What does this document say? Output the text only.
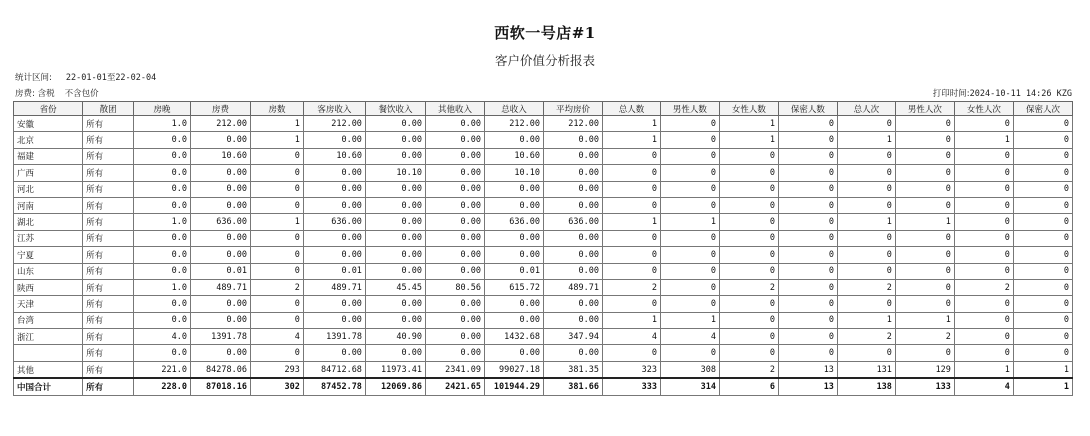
西软一号店#1
客户价值分析报表
统计区间: 22-01-01至22-02-04
房费: 含税 不含包价	打印时间:2024-10-11 14:26 KZG
省份	散团	房晚	房费	房数	客房收入	餐饮收入	其他收入	总收入	平均房价	总人数	男性人数	女性人数	保密人数	总人次	男性人次	女性人次	保密人次
安徽	所有	1.0	212.00	1	212.00	0.00	0.00	212.00	212.00	1	0	1	0	0	0	0	0
北京	所有	0.0	0.00	1	0.00	0.00	0.00	0.00	0.00	1	0	1	0	1	0	1	0
福建	所有	0.0	10.60	0	10.60	0.00	0.00	10.60	0.00	0	0	0	0	0	0	0	0
广西	所有	0.0	0.00	0	0.00	10.10	0.00	10.10	0.00	0	0	0	0	0	0	0	0
河北	所有	0.0	0.00	0	0.00	0.00	0.00	0.00	0.00	0	0	0	0	0	0	0	0
河南	所有	0.0	0.00	0	0.00	0.00	0.00	0.00	0.00	0	0	0	0	0	0	0	0
湖北	所有	1.0	636.00	1	636.00	0.00	0.00	636.00	636.00	1	1	0	0	1	1	0	0
江苏	所有	0.0	0.00	0	0.00	0.00	0.00	0.00	0.00	0	0	0	0	0	0	0	0
宁夏	所有	0.0	0.00	0	0.00	0.00	0.00	0.00	0.00	0	0	0	0	0	0	0	0
山东	所有	0.0	0.01	0	0.01	0.00	0.00	0.01	0.00	0	0	0	0	0	0	0	0
陕西	所有	1.0	489.71	2	489.71	45.45	80.56	615.72	489.71	2	0	2	0	2	0	2	0
天津	所有	0.0	0.00	0	0.00	0.00	0.00	0.00	0.00	0	0	0	0	0	0	0	0
台湾	所有	0.0	0.00	0	0.00	0.00	0.00	0.00	0.00	1	1	0	0	1	1	0	0
浙江	所有	4.0	1391.78	4	1391.78	40.90	0.00	1432.68	347.94	4	4	0	0	2	2	0	0
	所有	0.0	0.00	0	0.00	0.00	0.00	0.00	0.00	0	0	0	0	0	0	0	0
其他	所有	221.0	84278.06	293	84712.68	11973.41	2341.09	99027.18	381.35	323	308	2	13	131	129	1	1
中国合计	所有	228.0	87018.16	302	87452.78	12069.86	2421.65	101944.29	381.66	333	314	6	13	138	133	4	1
